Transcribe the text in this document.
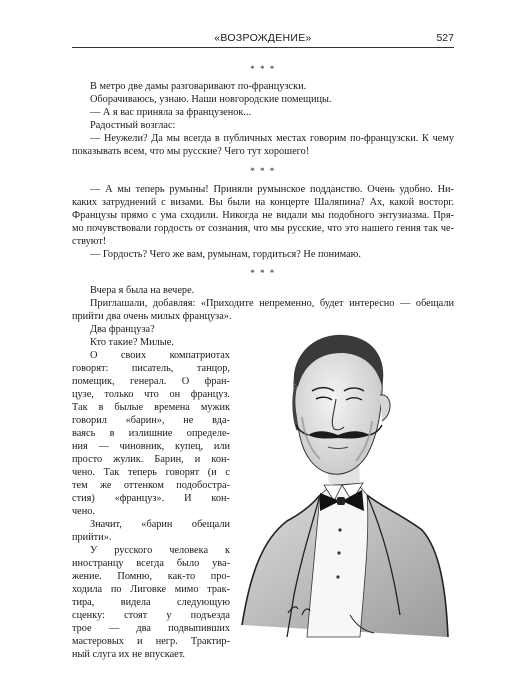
«ВОЗРОЖДЕНИЕ»	527
* * *
В метро две дамы разговаривают по-французски.
Оборачиваюсь, узнаю. Наши новгородские помещицы.
— А я вас приняла за французенок...
Радостный возглас:
— Неужели? Да мы всегда в публичных местах говорим по-французски. К чему
показывать всем, что мы русские? Чего тут хорошего!
* * *
— А мы теперь румыны! Приняли румынское подданство. Очень удобно. Ни-
каких затруднений с визами. Вы были на концерте Шаляпина? Ах, какой восторг.
Французы прямо с ума сходили. Никогда не видали мы подобного энтузиазма. Пря-
мо почувствовали гордость от сознания, что мы русские, что это нашего гения так че-
ствуют!
— Гордость? Чего же вам, румынам, гордиться? Не понимаю.
* * *
Вчера я была на вечере.
Приглашали, добавляя: «Приходите непременно, будет интересно — обещали
прийти два очень милых француза».
Два француза?
Кто такие? Милые.
О своих компатриотах
говорят: писатель, танцор,
помещик, генерал. О фран-
цузе, только что он француз.
Так в былые времена мужик
говорил «барин», не вда-
ваясь в излишние определе-
ния — чиновник, купец, или
просто жулик. Барин, и кон-
чено. Так теперь говорят (и с
тем же оттенком подобостра-
стия) «француз». И кон-
чено.
Значит, «барин обещали
прийти».
У русского человека к
иностранцу всегда было ува-
жение. Помню, как-то про-
ходила по Лиговке мимо трак-
тира, видела следующую
сценку: стоят у подъезда
трое — два подвыпивших
мастеровых и негр. Трактир-
ный слуга их не впускает.
